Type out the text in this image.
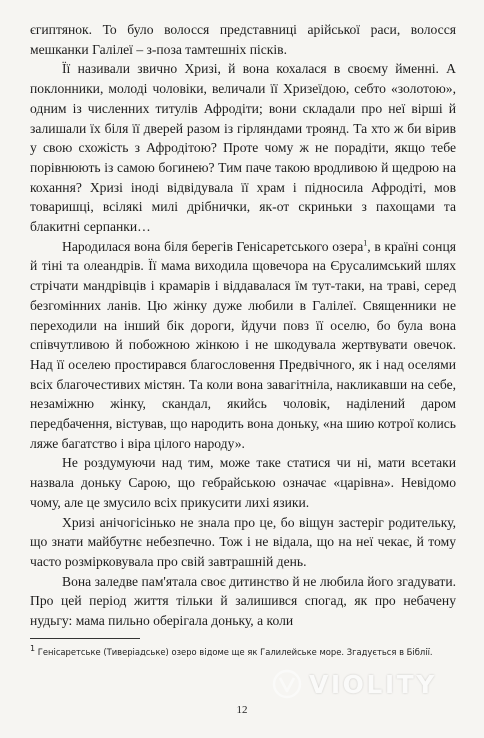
єгиптянок. То було волосся представниці арійської раси, волосся мешканки Галілеї – з-поза тамтешніх пісків.

Її називали звично Хризі, й вона кохалася в своєму йменні. А поклонники, молоді чоловіки, величали її Хризеїдою, себто «золотою», одним із численних титулів Афродіти; вони складали про неї вірші й залишали їх біля її дверей разом із гірляндами троянд. Та хто ж би вірив у свою схожість з Афродітою? Проте чому ж не порадіти, якщо тебе порівнюють із самою богинею? Тим паче такою вродливою й щедрою на кохання? Хризі іноді відвідувала її храм і підносила Афродіті, мов товаришці, всілякі милі дрібнички, як-от скриньки з пахощами та блакитні серпанки…

Народилася вона біля берегів Генісаретського озера$^1$, в країні сонця й тіні та олеандрів. Її мама виходила щовечора на Єрусалимський шлях стрічати мандрівців і крамарів і віддавалася їм тут-таки, на траві, серед безгомінних ланів. Цю жінку дуже любили в Галілеї. Священники не переходили на інший бік дороги, йдучи повз її оселю, бо була вона співчутливою й побожною жінкою і не шкодувала жертвувати овечок. Над її оселею простирався благословення Предвічного, як і над оселями всіх благочестивих містян. Та коли вона завагітніла, накликавши на себе, незаміжню жінку, скандал, якийсь чоловік, наділений даром передбачення, вістував, що народить вона доньку, «на шию котрої колись ляже багатство і віра цілого народу».

Не роздумуючи над тим, може таке статися чи ні, мати всетаки назвала доньку Сарою, що гебрайською означає «царівна». Невідомо чому, але це змусило всіх прикусити лихі язики.

Хризі анічогісінько не знала про це, бо віщун застеріг родительку, що знати майбутнє небезпечно. Тож і не відала, що на неї чекає, й тому часто розмірковувала про свій завтрашній день.

Вона заледве пам'ятала своє дитинство й не любила його згадувати. Про цей період життя тільки й залишився спогад, як про небачену нудьгу: мама пильно оберігала доньку, а коли

$^1$ Генісаретське (Тиверіадське) озеро відоме ще як Галилейське море. Згадується в Біблії.
12
VIOLITY
